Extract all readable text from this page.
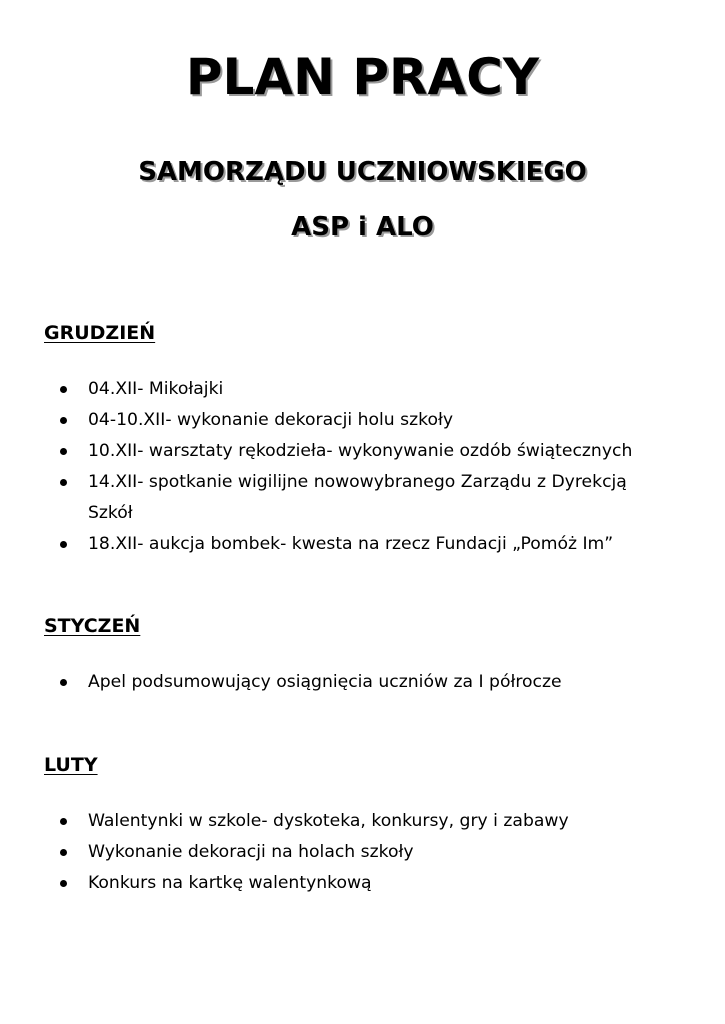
PLAN PRACY
SAMORZĄDU UCZNIOWSKIEGO
ASP i ALO
GRUDZIEŃ
04.XII- Mikołajki
04-10.XII- wykonanie dekoracji holu szkoły
10.XII- warsztaty rękodzieła- wykonywanie ozdób świątecznych
14.XII- spotkanie wigilijne nowowybranego Zarządu z Dyrekcją
Szkół
18.XII- aukcja bombek- kwesta na rzecz Fundacji „Pomóż Im”
STYCZEŃ
Apel podsumowujący osiągnięcia uczniów za I półrocze
LUTY
Walentynki w szkole- dyskoteka, konkursy, gry i zabawy
Wykonanie dekoracji na holach szkoły
Konkurs na kartkę walentynkową
